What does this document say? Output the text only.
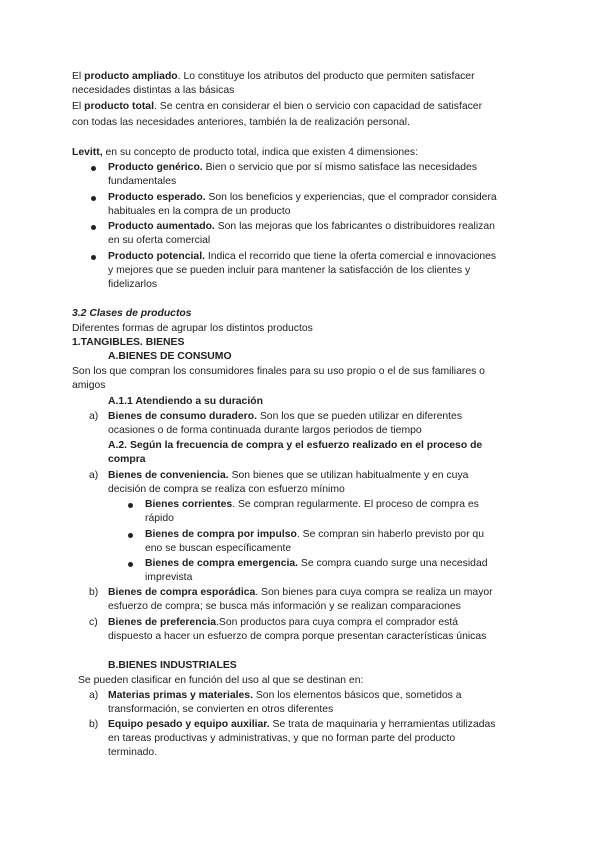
El producto ampliado. Lo constituye los atributos del producto que permiten satisfacer
necesidades distintas a las básicas
El producto total. Se centra en considerar el bien o servicio con capacidad de satisfacer
con todas las necesidades anteriores, también la de realización personal.
Levitt, en su concepto de producto total, indica que existen 4 dimensiones:
Producto genérico. Bien o servicio que por sí mismo satisface las necesidades
fundamentales
Producto esperado. Son los beneficios y experiencias, que el comprador considera
habituales en la compra de un producto
Producto aumentado. Son las mejoras que los fabricantes o distribuidores realizan
en su oferta comercial
Producto potencial. Indica el recorrido que tiene la oferta comercial e innovaciones
y mejores que se pueden incluir para mantener la satisfacción de los clientes y
fidelizarlos
3.2 Clases de productos
Diferentes formas de agrupar los distintos productos
1.TANGIBLES. BIENES
A.BIENES DE CONSUMO
Son los que compran los consumidores finales para su uso propio o el de sus familiares o
amigos
A.1.1 Atendiendo a su duración
a) Bienes de consumo duradero. Son los que se pueden utilizar en diferentes
ocasiones o de forma continuada durante largos periodos de tiempo
A.2. Según la frecuencia de compra y el esfuerzo realizado en el proceso de
compra
a) Bienes de conveniencia. Son bienes que se utilizan habitualmente y en cuya
decisión de compra se realiza con esfuerzo mínimo
Bienes corrientes. Se compran regularmente. El proceso de compra es
rápido
Bienes de compra por impulso. Se compran sin haberlo previsto por qu
eno se buscan específicamente
Bienes de compra emergencia. Se compra cuando surge una necesidad
imprevista
b) Bienes de compra esporádica. Son bienes para cuya compra se realiza un mayor
esfuerzo de compra; se busca más información y se realizan comparaciones
c) Bienes de preferencia.Son productos para cuya compra el comprador está
dispuesto a hacer un esfuerzo de compra porque presentan características únicas
B.BIENES INDUSTRIALES
Se pueden clasificar en función del uso al que se destinan en:
a) Materias primas y materiales. Son los elementos básicos que, sometidos a
transformación, se convierten en otros diferentes
b) Equipo pesado y equipo auxiliar. Se trata de maquinaria y herramientas utilizadas
en tareas productivas y administrativas, y que no forman parte del producto
terminado.
